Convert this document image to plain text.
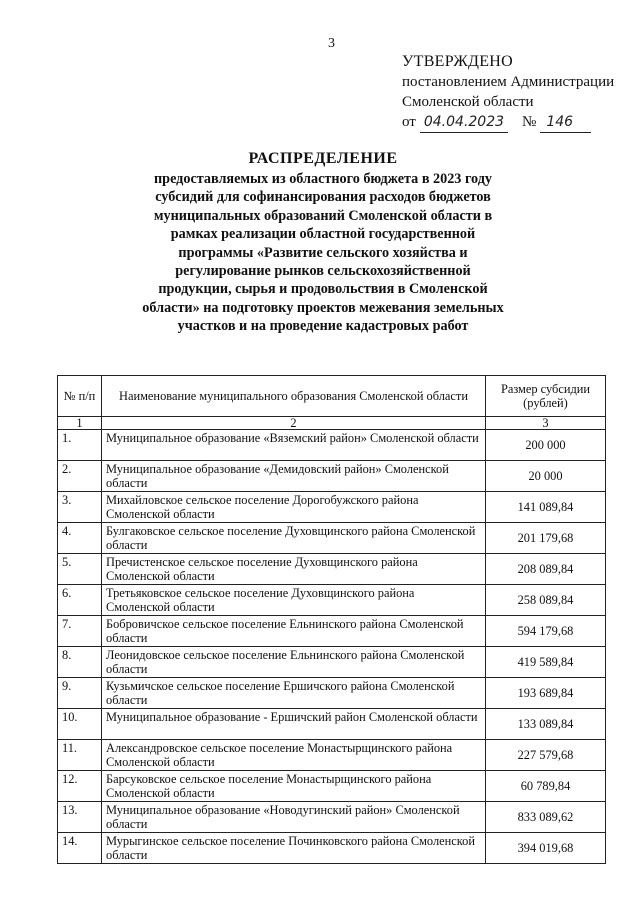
3
УТВЕРЖДЕНО
постановлением Администрации
Смоленской области
от 04.04.2023 № 146
РАСПРЕДЕЛЕНИЕ
предоставляемых из областного бюджета в 2023 году субсидий для софинансирования расходов бюджетов муниципальных образований Смоленской области в рамках реализации областной государственной программы «Развитие сельского хозяйства и регулирование рынков сельскохозяйственной продукции, сырья и продовольствия в Смоленской области» на подготовку проектов межевания земельных участков и на проведение кадастровых работ
№ п/п	Наименование муниципального образования Смоленской области	Размер субсидии (рублей)
1	2	3
1.	Муниципальное образование «Вяземский район» Смоленской области	200 000
2.	Муниципальное образование «Демидовский район» Смоленской области	20 000
3.	Михайловское сельское поселение Дорогобужского района Смоленской области	141 089,84
4.	Булгаковское сельское поселение Духовщинского района Смоленской области	201 179,68
5.	Пречистенское сельское поселение Духовщинского района Смоленской области	208 089,84
6.	Третьяковское сельское поселение Духовщинского района Смоленской области	258 089,84
7.	Бобровичское сельское поселение Ельнинского района Смоленской области	594 179,68
8.	Леонидовское сельское поселение Ельнинского района Смоленской области	419 589,84
9.	Кузьмичское сельское поселение Ершичского района Смоленской области	193 689,84
10.	Муниципальное образование - Ершичский район Смоленской области	133 089,84
11.	Александровское сельское поселение Монастырщинского района Смоленской области	227 579,68
12.	Барсуковское сельское поселение Монастырщинского района Смоленской области	60 789,84
13.	Муниципальное образование «Новодугинский район» Смоленской области	833 089,62
14.	Мурыгинское сельское поселение Починковского района Смоленской области	394 019,68
